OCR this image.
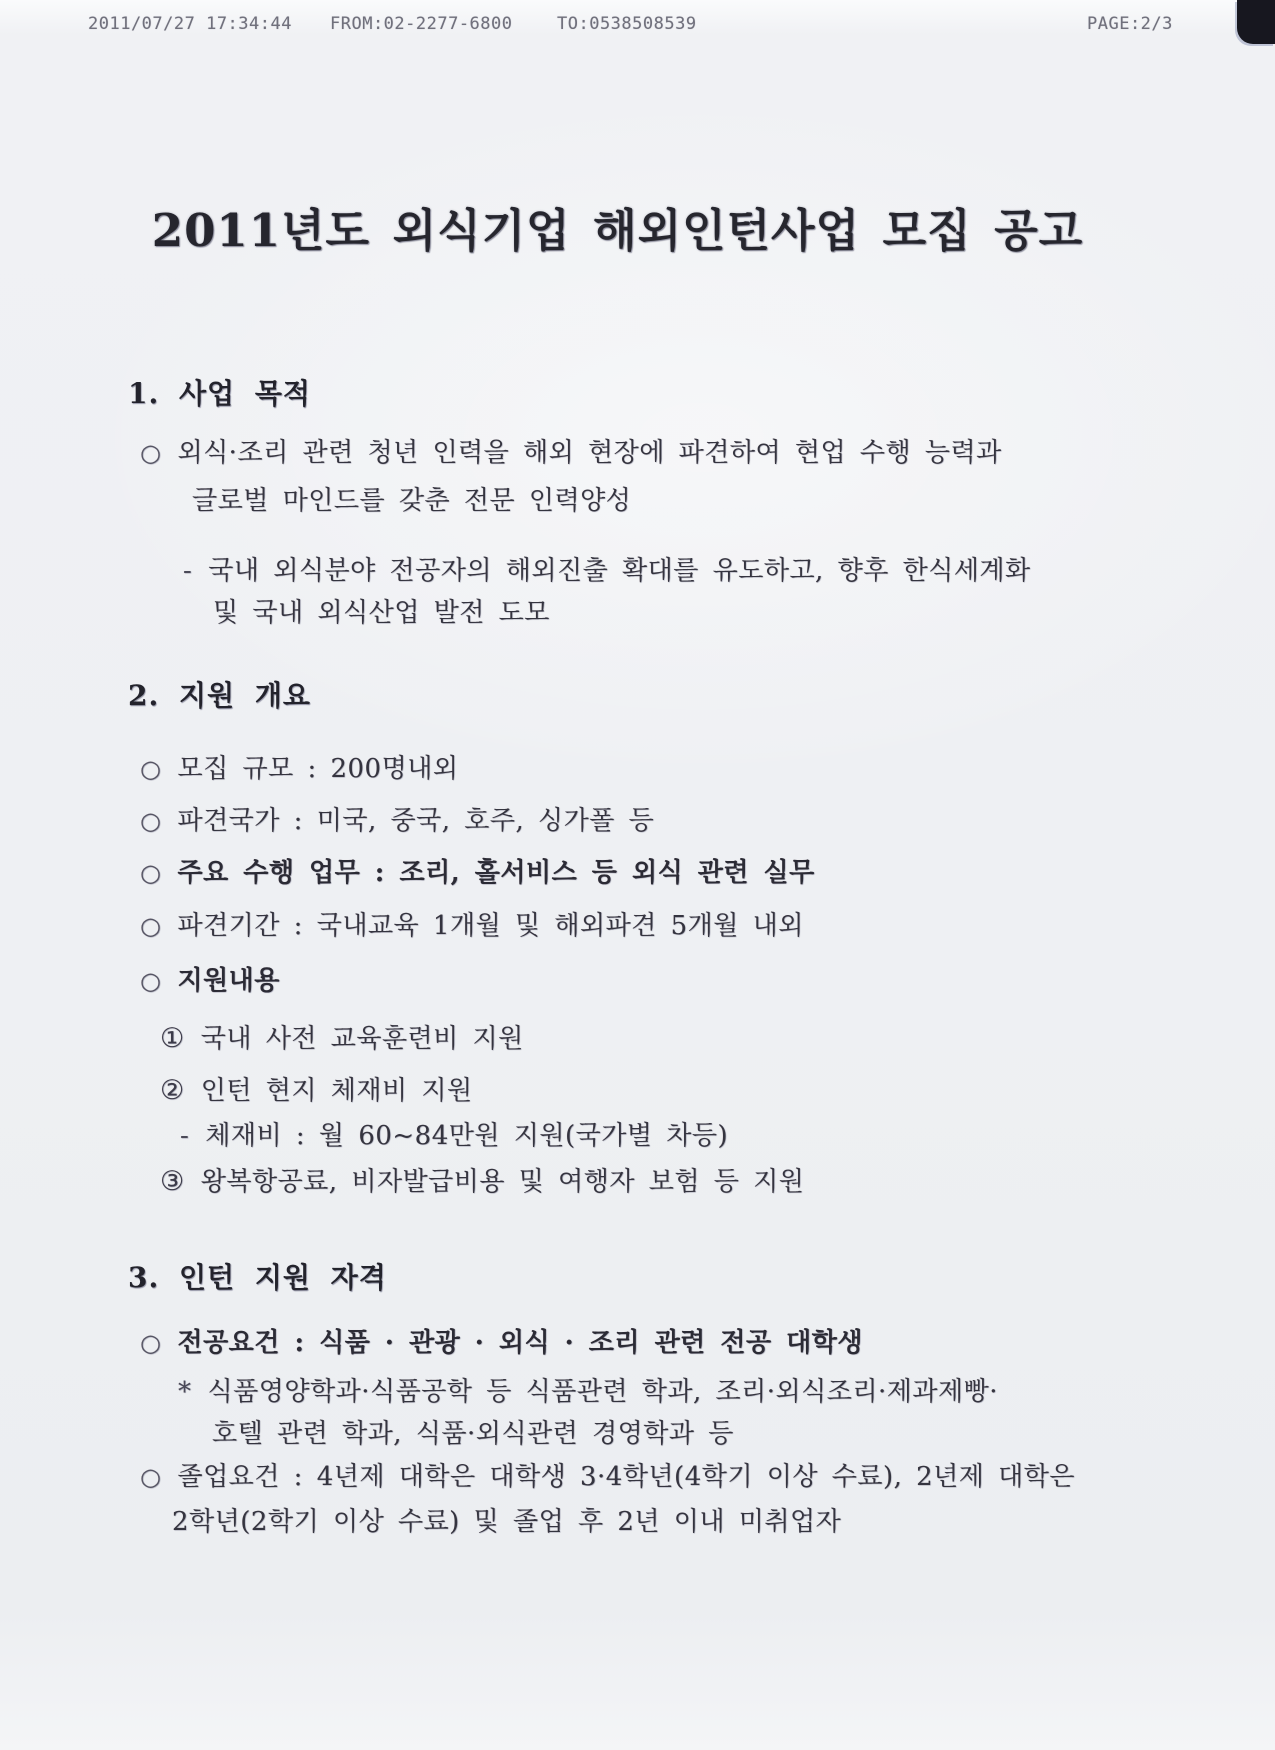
2011/07/27 17:34:44 FROM:02-2277-6800	TO:0538508539	PAGE:2/3
2011년도 외식기업 해외인턴사업 모집 공고
1. 사업 목적
○ 외식·조리 관련 청년 인력을 해외 현장에 파견하여 현업 수행 능력과
글로벌 마인드를 갖춘 전문 인력양성
- 국내 외식분야 전공자의 해외진출 확대를 유도하고, 향후 한식세계화
및 국내 외식산업 발전 도모
2. 지원 개요
○ 모집 규모 : 200명내외
○ 파견국가 : 미국, 중국, 호주, 싱가폴 등
○ 주요 수행 업무 : 조리, 홀서비스 등 외식 관련 실무
○ 파견기간 : 국내교육 1개월 및 해외파견 5개월 내외
○ 지원내용
① 국내 사전 교육훈련비 지원
② 인턴 현지 체재비 지원
- 체재비 : 월 60~84만원 지원(국가별 차등)
③ 왕복항공료, 비자발급비용 및 여행자 보험 등 지원
3. 인턴 지원 자격
○ 전공요건 : 식품 · 관광 · 외식 · 조리 관련 전공 대학생
* 식품영양학과·식품공학 등 식품관련 학과, 조리·외식조리·제과제빵·
호텔 관련 학과, 식품·외식관련 경영학과 등
○ 졸업요건 : 4년제 대학은 대학생 3·4학년(4학기 이상 수료), 2년제 대학은
2학년(2학기 이상 수료) 및 졸업 후 2년 이내 미취업자
